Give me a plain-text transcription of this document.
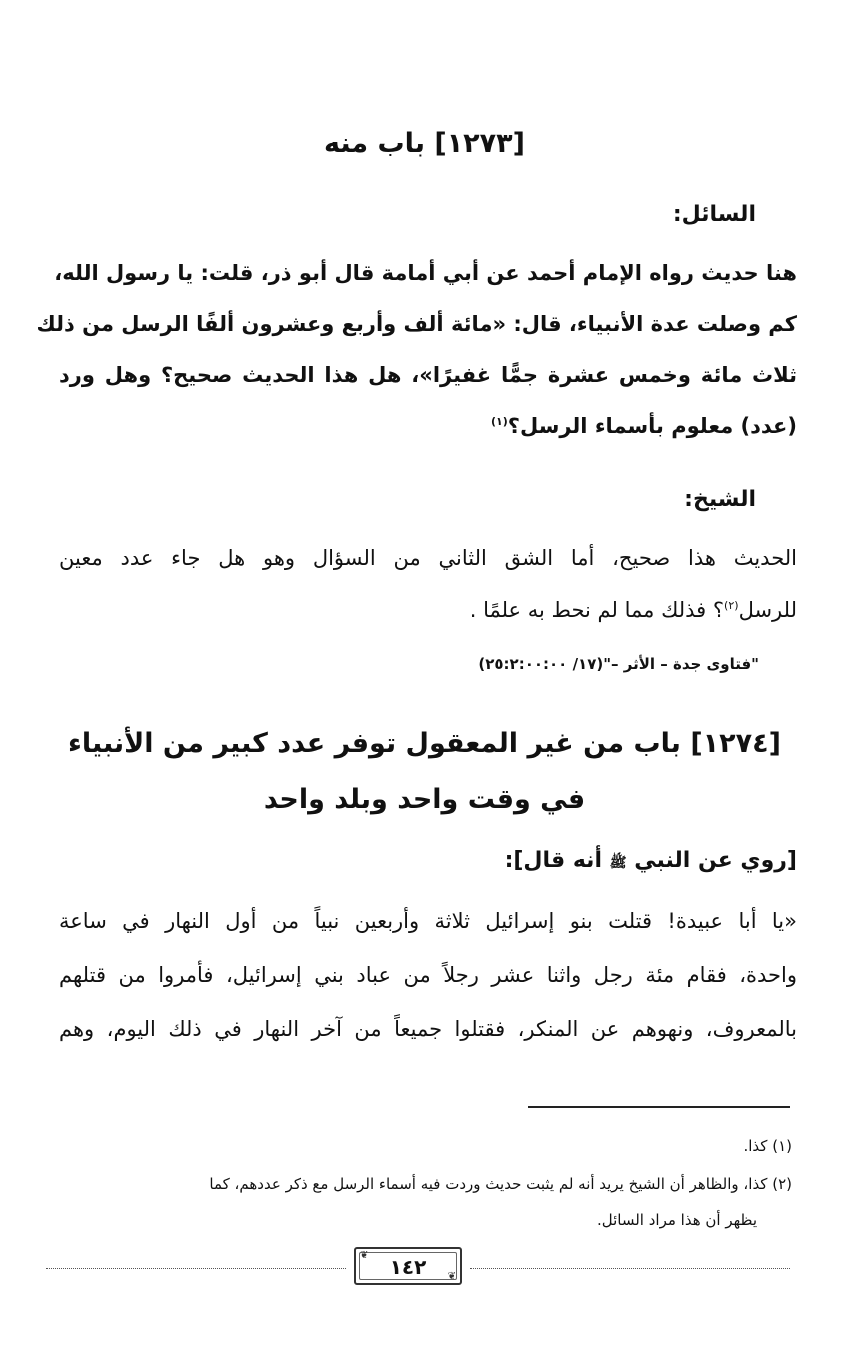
[١٢٧٣] باب منه
السائل:
هنا حديث رواه الإمام أحمد عن أبي أمامة قال أبو ذر، قلت: يا رسول الله،
كم وصلت عدة الأنبياء، قال: «مائة ألف وأربع وعشرون ألفًا الرسل من ذلك
ثلاث مائة وخمس عشرة جمًّا غفيرًا»، هل هذا الحديث صحيح؟ وهل ورد
(عدد) معلوم بأسماء الرسل؟$^{(١)}$
الشيخ:
الحديث هذا صحيح، أما الشق الثاني من السؤال وهو هل جاء عدد معين
للرسل$^{(٢)}$؟ فذلك مما لم نحط به علمًا .
"فتاوى جدة – الأثر –"(١٧/ ٢٥:٢:٠٠:٠٠)
[١٢٧٤] باب من غير المعقول توفر عدد كبير من الأنبياء
في وقت واحد وبلد واحد
[روي عن النبي ﷺ أنه قال]:
«يا أبا عبيدة! قتلت بنو إسرائيل ثلاثة وأربعين نبياً من أول النهار في ساعة
واحدة، فقام مئة رجل واثنا عشر رجلاً من عباد بني إسرائيل، فأمروا من قتلهم
بالمعروف، ونهوهم عن المنكر، فقتلوا جميعاً من آخر النهار في ذلك اليوم، وهم
(١) كذا.
(٢) كذا، والظاهر أن الشيخ يريد أنه لم يثبت حديث وردت فيه أسماء الرسل مع ذكر عددهم، كما
يظهر أن هذا مراد السائل.
❦
❦
١٤٢
